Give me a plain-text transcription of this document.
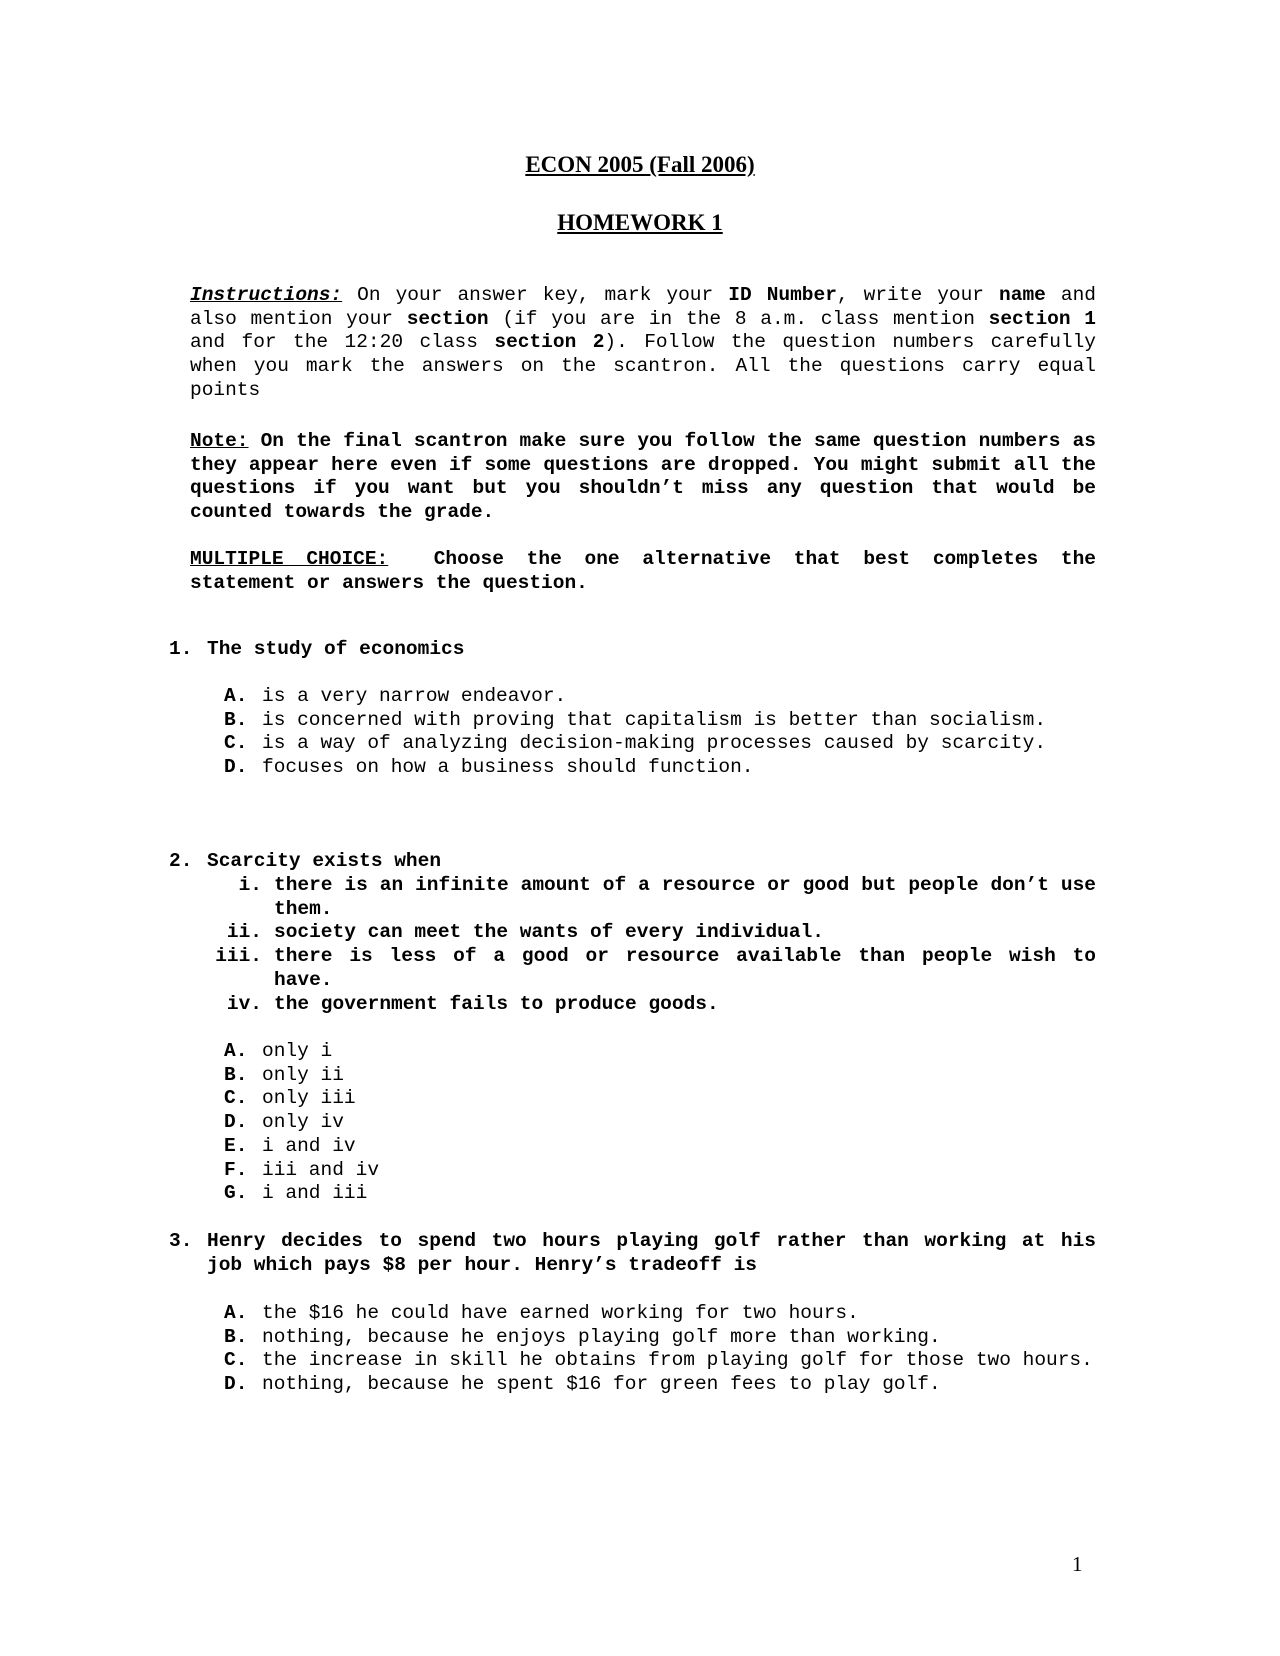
ECON 2005 (Fall 2006)
HOMEWORK 1

Instructions: On your answer key, mark your ID Number, write your name and also mention your section (if you are in the 8 a.m. class mention section 1 and for the 12:20 class section 2). Follow the question numbers carefully when you mark the answers on the scantron. All the questions carry equal points

Note: On the final scantron make sure you follow the same question numbers as they appear here even if some questions are dropped. You might submit all the questions if you want but you shouldn’t miss any question that would be counted towards the grade.

MULTIPLE CHOICE:  Choose the one alternative that best completes the statement or answers the question.

1. The study of economics
A. is a very narrow endeavor.
B. is concerned with proving that capitalism is better than socialism.
C. is a way of analyzing decision-making processes caused by scarcity.
D. focuses on how a business should function.
2. Scarcity exists when
i. there is an infinite amount of a resource or good but people don’t use them.
ii. society can meet the wants of every individual.
iii. there is less of a good or resource available than people wish to have.
iv. the government fails to produce goods.
A. only i
B. only ii
C. only iii
D. only iv
E. i and iv
F. iii and iv
G. i and iii
3. Henry decides to spend two hours playing golf rather than working at his job which pays $8 per hour. Henry’s tradeoff is
A. the $16 he could have earned working for two hours.
B. nothing, because he enjoys playing golf more than working.
C. the increase in skill he obtains from playing golf for those two hours.
D. nothing, because he spent $16 for green fees to play golf.
1
